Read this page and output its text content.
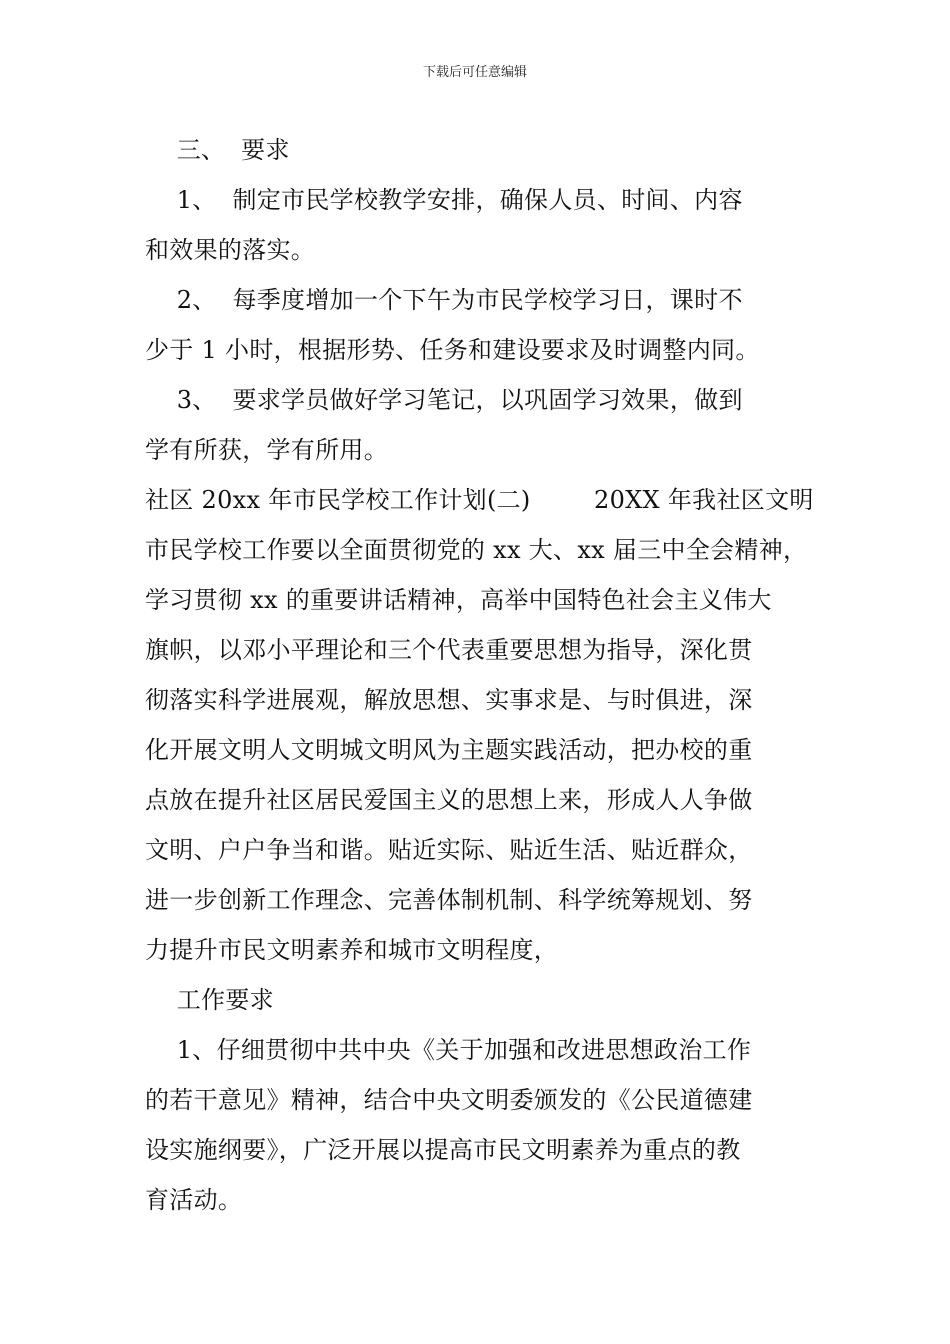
下载后可任意编辑
三、  要求
1、  制定市民学校教学安排，确保人员、时间、内容
和效果的落实。
2、  每季度增加一个下午为市民学校学习日，课时不
少于 1 小时，根据形势、任务和建设要求及时调整内同。
3、  要求学员做好学习笔记，以巩固学习效果，做到
学有所获，学有所用。
社区 20xx 年市民学校工作计划(二)        20XX 年我社区文明
市民学校工作要以全面贯彻党的 xx 大、xx 届三中全会精神，
学习贯彻 xx 的重要讲话精神，高举中国特色社会主义伟大
旗帜，以邓小平理论和三个代表重要思想为指导，深化贯
彻落实科学进展观，解放思想、实事求是、与时俱进，深
化开展文明人文明城文明风为主题实践活动，把办校的重
点放在提升社区居民爱国主义的思想上来，形成人人争做
文明、户户争当和谐。贴近实际、贴近生活、贴近群众，
进一步创新工作理念、完善体制机制、科学统筹规划、努
力提升市民文明素养和城市文明程度，
工作要求
1、仔细贯彻中共中央《关于加强和改进思想政治工作
的若干意见》精神，结合中央文明委颁发的《公民道德建
设实施纲要》，广泛开展以提高市民文明素养为重点的教
育活动。
